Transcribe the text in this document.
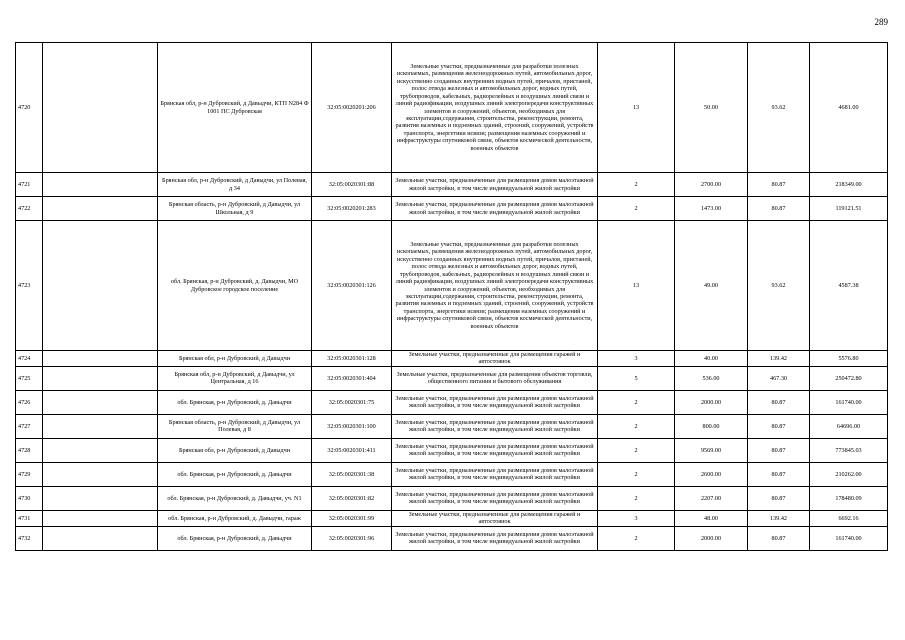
289
4720		Брянская обл, р-н Дубровский, д Давыдчи, КТП N284 Ф 1001 ПС Дубровская	32:05:0020201:206	Земельные участки, предназначенные для разработки полезных ископаемых, размещения железнодорожных путей, автомобильных дорог, искусственно созданных внутренних водных путей, причалов, пристаней, полос отвода железных и автомобильных дорог, водных путей, трубопроводов, кабельных, радиорелейных и воздушных линий связи и линий радиофикации, воздушных линий электропередачи конструктивных элементов и сооружений, объектов, необходимых для эксплуатации,содержания, строительства, реконструкции, ремонта, развития наземных и подземных зданий, строений, сооружений, устройств транспорта, энергетики исвязи; размещения наземных сооружений и инфраструктуры спутниковой связи, объектов космической деятельности, военных объектов	13	50.00	93.62	4681.00
4721		Брянская обл, р-н Дубровский, д Давыдчи, ул Полевая, д 34	32:05:0020301:88	Земельные участки, предназначенные для размещения домов малоэтажной жилой застройки, в том числе индивидуальной жилой застройки	2	2700.00	80.87	218349.00
4722		Брянская область, р-н Дубровский, д Давыдчи, ул Школьная, д 9	32:05:0020201:283	Земельные участки, предназначенные для размещения домов малоэтажной жилой застройки, в том числе индивидуальной жилой застройки	2	1473.00	80.87	119121.51
4723		обл. Брянская, р-н Дубровский, д. Давыдчи, МО Дубровское городское поселение	32:05:0020301:126	Земельные участки, предназначенные для разработки полезных ископаемых, размещения железнодорожных путей, автомобильных дорог, искусственно созданных внутренних водных путей, причалов, пристаней, полос отвода железных и автомобильных дорог, водных путей, трубопроводов, кабельных, радиорелейных и воздушных линий связи и линий радиофикации, воздушных линий электропередачи конструктивных элементов и сооружений, объектов, необходимых для эксплуатации,содержания, строительства, реконструкции, ремонта, развития наземных и подземных зданий, строений, сооружений, устройств транспорта, энергетики исвязи; размещения наземных сооружений и инфраструктуры спутниковой связи, объектов космической деятельности, военных объектов	13	49.00	93.62	4587.38
4724		Брянская обл, р-н Дубровский, д Давыдчи	32:05:0020301:128	Земельные участки, предназначенные для размещения гаражей и автостоянок	3	40.00	139.42	5576.80
4725		Брянская обл, р-н Дубровский, д Давыдчи, ул Центральная, д 16	32:05:0020301:404	Земельные участки, предназначенные для размещения объектов торговли, общественного питания и бытового обслуживания	5	536.00	467.30	250472.80
4726		обл. Брянская, р-н Дубровский, д. Давыдчи	32:05:0020301:75	Земельные участки, предназначенные для размещения домов малоэтажной жилой застройки, в том числе индивидуальной жилой застройки	2	2000.00	80.87	161740.00
4727		Брянская область, р-н Дубровский, д Давыдчи, ул Полевая, д 8	32:05:0020301:100	Земельные участки, предназначенные для размещения домов малоэтажной жилой застройки, в том числе индивидуальной жилой застройки	2	800.00	80.87	64696.00
4728		Брянская обл, р-н Дубровский, д Давыдчи	32:05:0020301:411	Земельные участки, предназначенные для размещения домов малоэтажной жилой застройки, в том числе индивидуальной жилой застройки	2	9569.00	80.87	773845.03
4729		обл. Брянская, р-н Дубровский, д. Давыдчи	32:05:0020301:38	Земельные участки, предназначенные для размещения домов малоэтажной жилой застройки, в том числе индивидуальной жилой застройки	2	2600.00	80.87	210262.00
4730		обл. Брянская, р-н Дубровский, д. Давыдчи, уч. N1	32:05:0020301:82	Земельные участки, предназначенные для размещения домов малоэтажной жилой застройки, в том числе индивидуальной жилой застройки	2	2207.00	80.87	178480.09
4731		обл. Брянская, р-н Дубровский, д. Давыдчи, гараж	32:05:0020301:99	Земельные участки, предназначенные для размещения гаражей и автостоянок	3	48.00	139.42	6692.16
4732		обл. Брянская, р-н Дубровский, д. Давыдчи	32:05:0020301:96	Земельные участки, предназначенные для размещения домов малоэтажной жилой застройки, в том числе индивидуальной жилой застройки	2	2000.00	80.87	161740.00
